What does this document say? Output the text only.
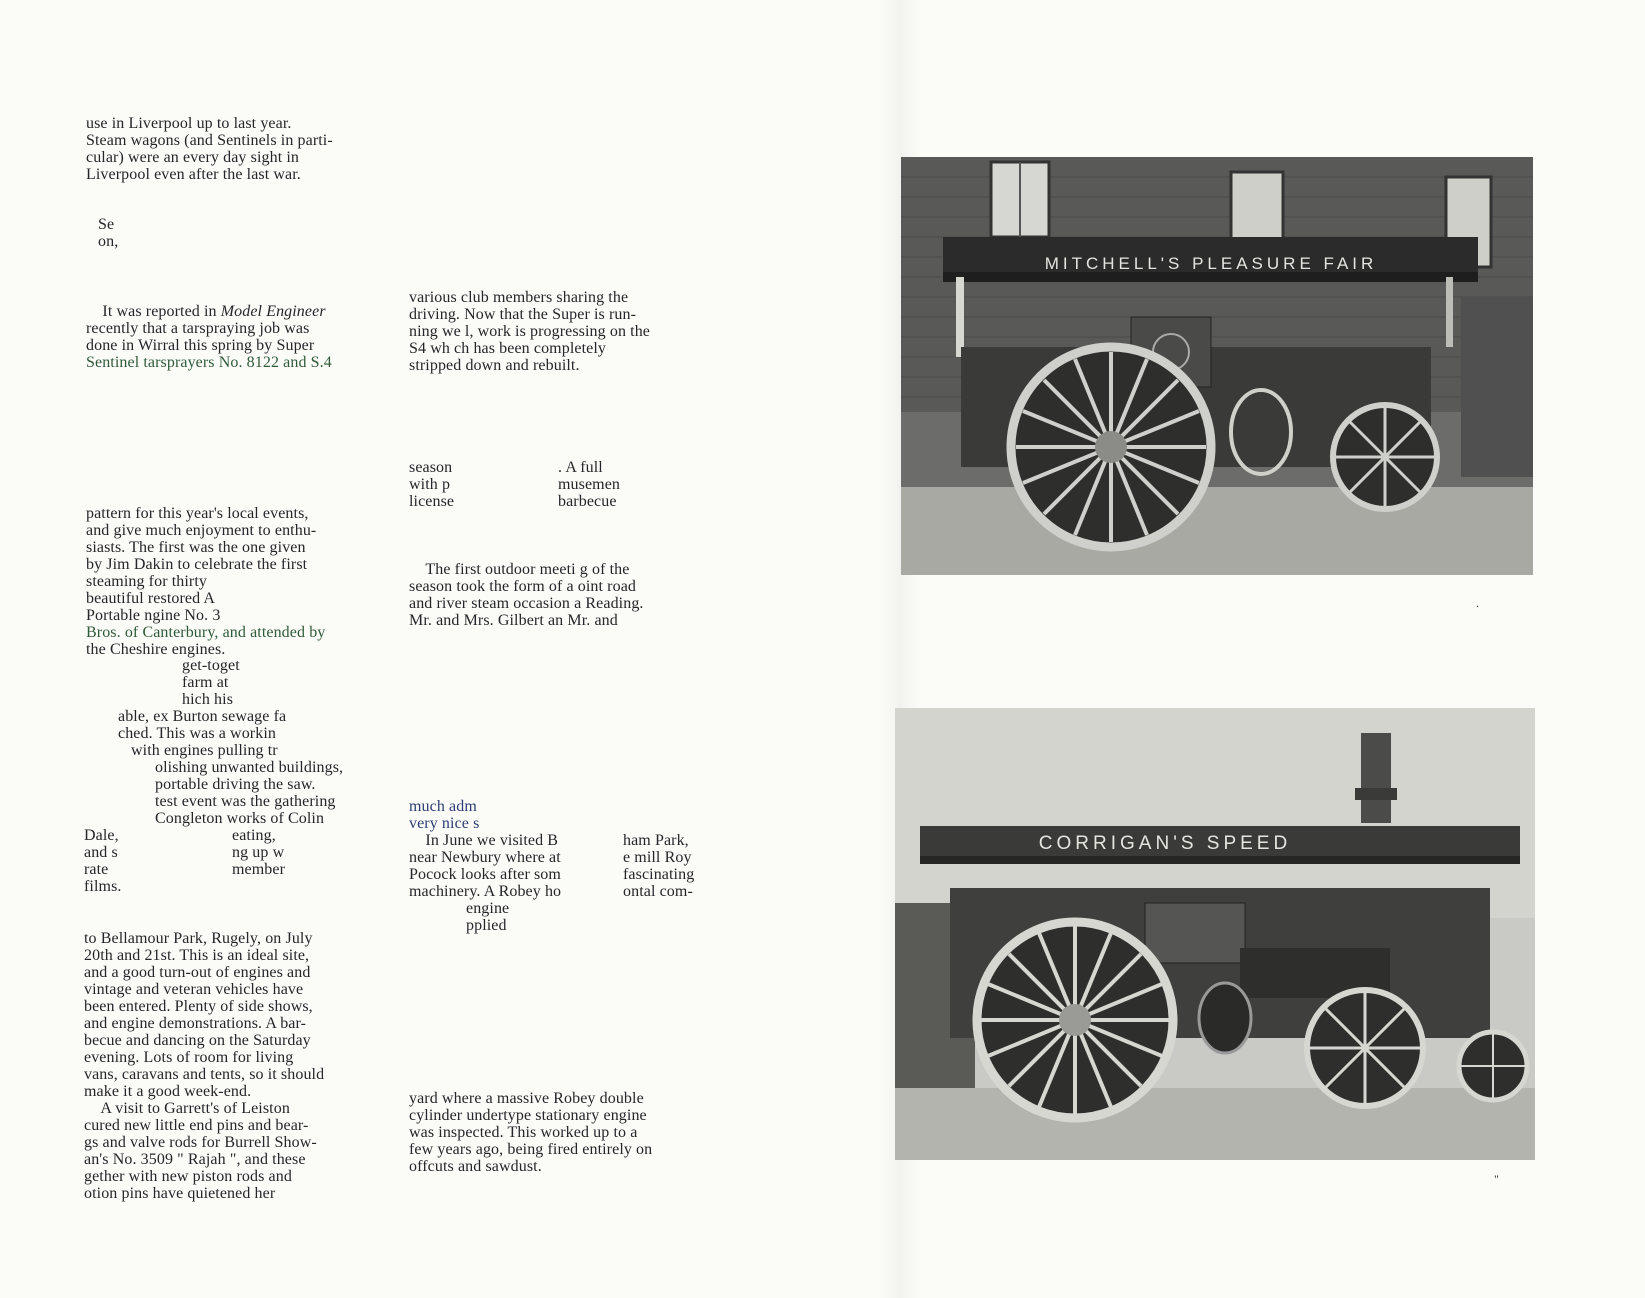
use in Liverpool up to last year.
Steam wagons (and Sentinels in parti-
cular) were an every day sight in
Liverpool even after the last war.

Se
on,

It was reported in Model Engineer
recently that a tarspraying job was
done in Wirral this spring by Super
Sentinel tarsprayers No. 8122 and S.4

pattern for this year's local events,
and give much enjoyment to enthu-
siasts. The first was the one given
by Jim Dakin to celebrate the first
steaming for thirty
beautiful restored A
Portable ngine No. 3
Bros. of Canterbury, and attended by
the Cheshire engines.

get-toget
farm at
hich his

able, ex Burton sewage fa
ched. This was a workin

with engines pulling tr

olishing unwanted buildings,
portable driving the saw.
test event was the gathering
Congleton works of Colin

Dale,
and s
rate
films.

eating,
ng up w
member

to Bellamour Park, Rugely, on July
20th and 21st. This is an ideal site,
and a good turn-out of engines and
vintage and veteran vehicles have
been entered. Plenty of side shows,
and engine demonstrations. A bar-
becue and dancing on the Saturday
evening. Lots of room for living
vans, caravans and tents, so it should
make it a good week-end.

A visit to Garrett's of Leiston
cured new little end pins and bear-
gs and valve rods for Burrell Show-
an's No. 3509 " Rajah ", and these
gether with new piston rods and
otion pins have quietened her

various club members sharing the
driving. Now that the Super is run-
ning we l, work is progressing on the
S4 wh ch has been completely
stripped down and rebuilt.

season
with p
license

. A full
musemen
barbecue

The first outdoor meeti g of the
season took the form of a oint road
and river steam occasion a Reading.
Mr. and Mrs. Gilbert an Mr. and

much adm
very nice s

In June we visited B
near Newbury where at
Pocock looks after som
machinery. A Robey ho

ham Park,
e mill Roy
fascinating
ontal com-

engine
pplied

yard where a massive Robey double
cylinder undertype stationary engine
was inspected. This worked up to a
few years ago, being fired entirely on
offcuts and sawdust.

MITCHELL'S PLEASURE FAIR
CORRIGAN'S SPEED
.
"
